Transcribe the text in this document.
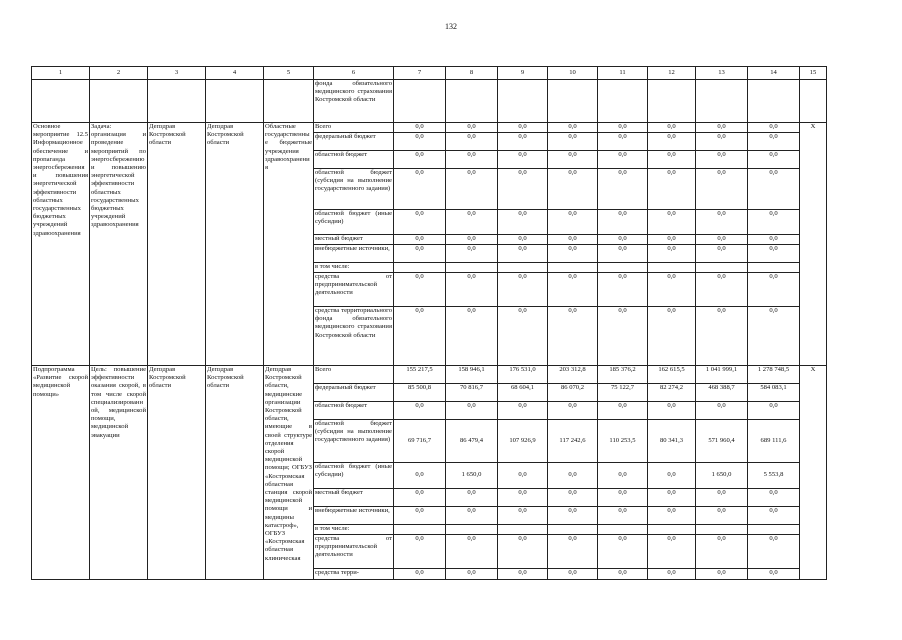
132
1	2	3	4	5	6	7	8	9	10	11	12	13	14	15
					фонда обязательного медицинского страхования Костромской области									
Основное мероприятие 12.5 Информационное обеспечение и пропаганда энергосбережения и повышения энергетической эффективности областных государственных бюджетных учреждений здравоохранения	Задача: организация и проведение мероприятий по энергосбережению и повышению энергетической эффективности областных государственных бюджетных учреждений здравоохранения	Депздрав Костромской области	Депздрав Костромской области	Областные государственные бюджетные учреждения здравоохранения	Всего	0,0	0,0	0,0	0,0	0,0	0,0	0,0	0,0	X
					федеральный бюджет	0,0	0,0	0,0	0,0	0,0	0,0	0,0	0,0	
					областной бюджет	0,0	0,0	0,0	0,0	0,0	0,0	0,0	0,0	
					областной бюджет (субсидия на выполнение государственного задания)	0,0	0,0	0,0	0,0	0,0	0,0	0,0	0,0	
					областной бюджет (иные субсидии)	0,0	0,0	0,0	0,0	0,0	0,0	0,0	0,0	
					местный бюджет	0,0	0,0	0,0	0,0	0,0	0,0	0,0	0,0	
					внебюджетные источники,	0,0	0,0	0,0	0,0	0,0	0,0	0,0	0,0	
					в том числе:									
					средства от предпринимательской деятельности	0,0	0,0	0,0	0,0	0,0	0,0	0,0	0,0	
					средства территориального фонда обязательного медицинского страхования Костромской области	0,0	0,0	0,0	0,0	0,0	0,0	0,0	0,0	
Подпрограмма «Развитие скорой медицинской помощи»	Цель: повышение эффективности оказания скорой, в том числе скорой специализированной, медицинской помощи, медицинской эвакуации	Депздрав Костромской области	Депздрав Костромской области	Депздрав Костромской области, медицинские организации Костромской области, имеющие в своей структуре отделения скорой медицинской помощи; ОГБУЗ «Костромская областная станция скорой медицинской помощи и медицины катастроф», ОГБУЗ «Костромская областная клиническая	Всего	155 217,5	158 946,1	176 531,0	203 312,8	185 376,2	162 615,5	1 041 999,1	1 278 748,5	X
					федеральный бюджет	85 500,8	70 816,7	68 604,1	86 070,2	75 122,7	82 274,2	468 388,7	584 083,1	
					областной бюджет	0,0	0,0	0,0	0,0	0,0	0,0	0,0	0,0	
					областной бюджет (субсидия на выполнение государственного задания)	69 716,7	86 479,4	107 926,9	117 242,6	110 253,5	80 341,3	571 960,4	689 111,6	
					областной бюджет (иные субсидии)	0,0	1 650,0	0,0	0,0	0,0	0,0	1 650,0	5 553,8	
					местный бюджет	0,0	0,0	0,0	0,0	0,0	0,0	0,0	0,0	
					внебюджетные источники,	0,0	0,0	0,0	0,0	0,0	0,0	0,0	0,0	
					в том числе:									
					средства от предпринимательской деятельности	0,0	0,0	0,0	0,0	0,0	0,0	0,0	0,0	
					средства терри-	0,0	0,0	0,0	0,0	0,0	0,0	0,0	0,0	
